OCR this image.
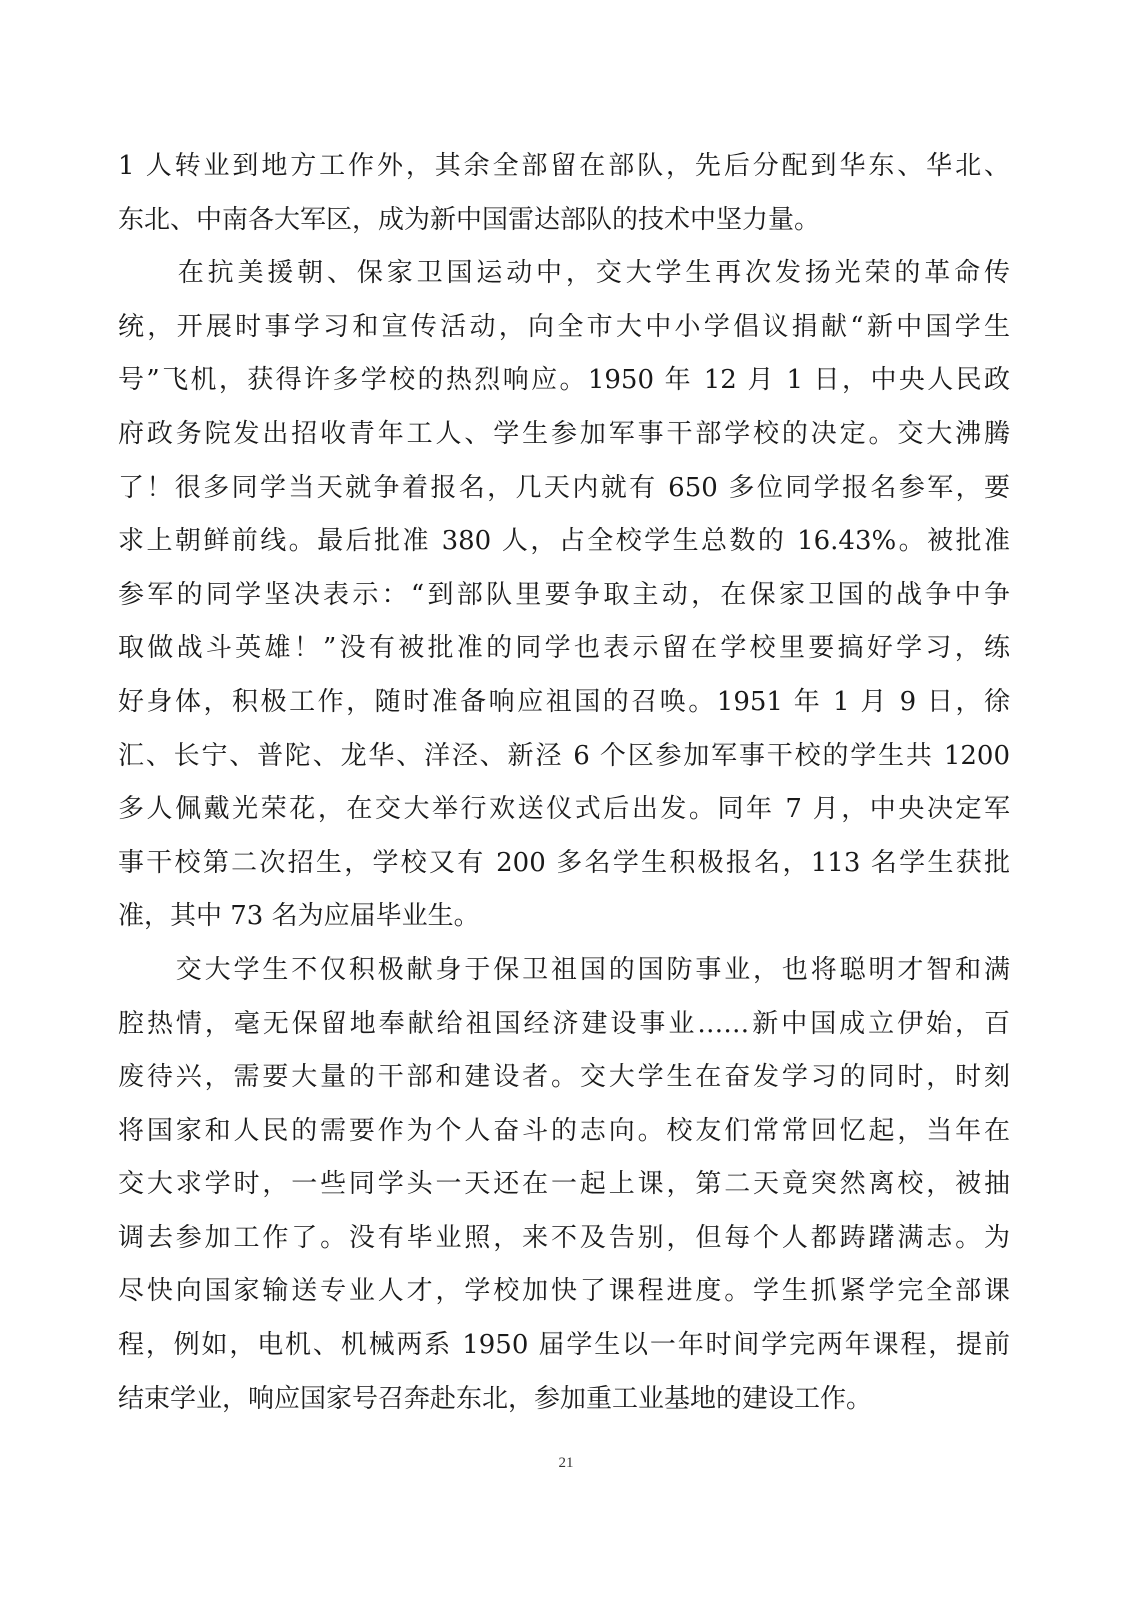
1 人转业到地方工作外，其余全部留在部队，先后分配到华东、华北、
东北、中南各大军区，成为新中国雷达部队的技术中坚力量。
　　在抗美援朝、保家卫国运动中，交大学生再次发扬光荣的革命传
统，开展时事学习和宣传活动，向全市大中小学倡议捐献“新中国学生
号”飞机，获得许多学校的热烈响应。1950 年 12 月 1 日，中央人民政
府政务院发出招收青年工人、学生参加军事干部学校的决定。交大沸腾
了！很多同学当天就争着报名，几天内就有 650 多位同学报名参军，要
求上朝鲜前线。最后批准 380 人，占全校学生总数的 16.43%。被批准
参军的同学坚决表示：“到部队里要争取主动，在保家卫国的战争中争
取做战斗英雄！”没有被批准的同学也表示留在学校里要搞好学习，练
好身体，积极工作，随时准备响应祖国的召唤。1951 年 1 月 9 日，徐
汇、长宁、普陀、龙华、洋泾、新泾 6 个区参加军事干校的学生共 1200
多人佩戴光荣花，在交大举行欢送仪式后出发。同年 7 月，中央决定军
事干校第二次招生，学校又有 200 多名学生积极报名，113 名学生获批
准，其中 73 名为应届毕业生。
　　交大学生不仅积极献身于保卫祖国的国防事业，也将聪明才智和满
腔热情，毫无保留地奉献给祖国经济建设事业……新中国成立伊始，百
废待兴，需要大量的干部和建设者。交大学生在奋发学习的同时，时刻
将国家和人民的需要作为个人奋斗的志向。校友们常常回忆起，当年在
交大求学时，一些同学头一天还在一起上课，第二天竟突然离校，被抽
调去参加工作了。没有毕业照，来不及告别，但每个人都踌躇满志。为
尽快向国家输送专业人才，学校加快了课程进度。学生抓紧学完全部课
程，例如，电机、机械两系 1950 届学生以一年时间学完两年课程，提前
结束学业，响应国家号召奔赴东北，参加重工业基地的建设工作。
21
